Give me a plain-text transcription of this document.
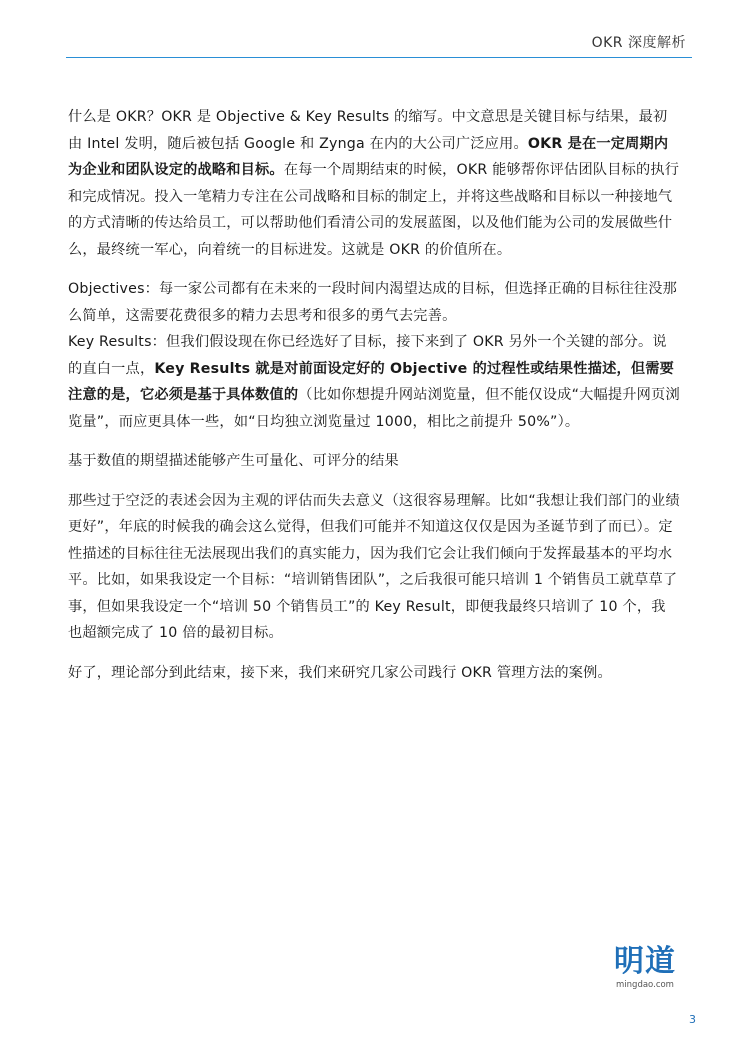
OKR 深度解析

什么是 OKR？OKR 是 Objective & Key Results 的缩写。中文意思是关键目标与结果，最初由 Intel 发明，随后被包括 Google 和 Zynga 在内的大公司广泛应用。OKR 是在一定周期内为企业和团队设定的战略和目标。在每一个周期结束的时候，OKR 能够帮你评估团队目标的执行和完成情况。投入一笔精力专注在公司战略和目标的制定上，并将这些战略和目标以一种接地气的方式清晰的传达给员工，可以帮助他们看清公司的发展蓝图，以及他们能为公司的发展做些什么，最终统一军心，向着统一的目标进发。这就是 OKR 的价值所在。

Objectives：每一家公司都有在未来的一段时间内渴望达成的目标，但选择正确的目标往往没那么简单，这需要花费很多的精力去思考和很多的勇气去完善。

Key Results：但我们假设现在你已经选好了目标，接下来到了 OKR 另外一个关键的部分。说的直白一点，Key Results 就是对前面设定好的 Objective 的过程性或结果性描述，但需要注意的是，它必须是基于具体数值的（比如你想提升网站浏览量，但不能仅设成“大幅提升网页浏览量”，而应更具体一些，如“日均独立浏览量过 1000，相比之前提升 50%”）。

基于数值的期望描述能够产生可量化、可评分的结果

那些过于空泛的表述会因为主观的评估而失去意义（这很容易理解。比如“我想让我们部门的业绩更好”，年底的时候我的确会这么觉得，但我们可能并不知道这仅仅是因为圣诞节到了而已）。定性描述的目标往往无法展现出我们的真实能力，因为我们它会让我们倾向于发挥最基本的平均水平。比如，如果我设定一个目标：“培训销售团队”，之后我很可能只培训 1 个销售员工就草草了事，但如果我设定一个“培训 50 个销售员工”的 Key Result，即便我最终只培训了 10 个，我也超额完成了 10 倍的最初目标。

好了，理论部分到此结束，接下来，我们来研究几家公司践行 OKR 管理方法的案例。

明道
mingdao.com
3
